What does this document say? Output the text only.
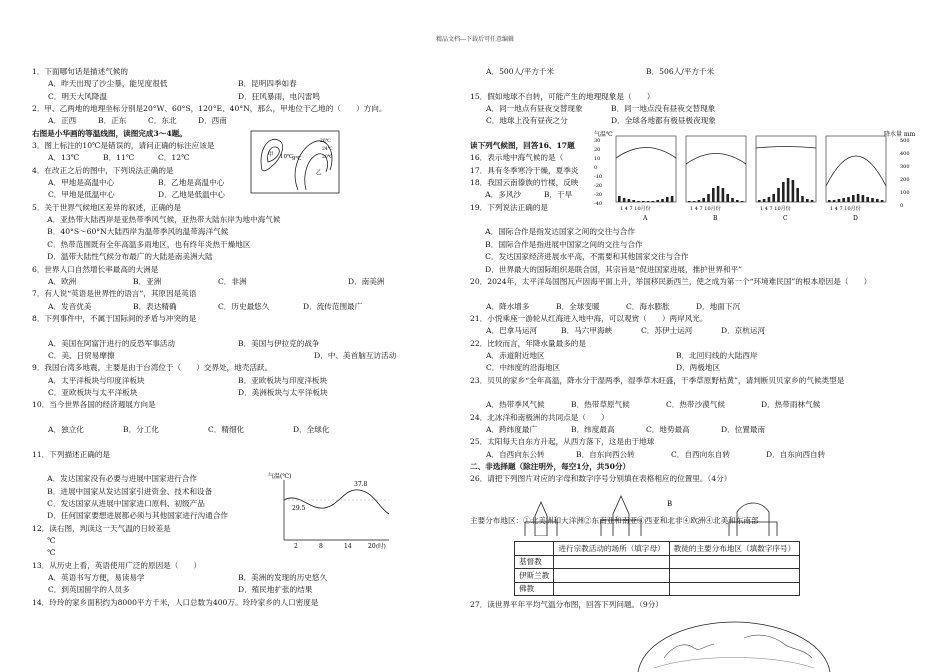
精品文档---下载后可任意编辑
1．下面哪句话是描述气候的
A．昨天出现了沙尘暴，能见度很低	B．昆明四季如春
C．明天大风降温	D．狂风暴雨，电闪雷鸣
2．甲、乙两地的地理坐标分别是20°W、60°S，120°E、40°N，那么，甲地位于乙地的（　　）方向。
A．正西	B．正东	C．东北	D．西南
右图是小华画的等温线图，读图完成3～4题。
3．图上标注的10℃是错误的，请问正确的标注应该是
A．13℃	B．11℃	C．12℃
4．在改正之后的图中，下列说法正确的是
A．甲地是高温中心	B．乙地是高温中心
C．甲地是低温中心	D．乙地是低温中心
5．关于世界气候地区差异的叙述，正确的是
　　A．亚热带大陆西岸是亚热带季风气候，亚热带大陆东岸为地中海气候
　　B．40°S～60°N大陆西岸为温带季风的温带海洋气候
　　C．热带范围既有全年高温多雨地区，也有终年炎热干燥地区
　　D．温带大陆性气候分布最广的大陆是南美洲大陆
6．世界人口自然增长率最高的大洲是
A．欧洲	B．亚洲	C．非洲	D．南美洲
7．有人说“英语是世界性的语言”，其原因是英语
A．发音优美	B．表达精确	C．历史最悠久	D．流传范围最广
8．下列事件中，不属于国际间的矛盾与冲突的是
A．美国在阿富汗进行的反恐军事活动	B．美国与伊拉克的战争
C．美、日贸易摩擦	D．中、美首脑互访活动
9．我国台湾多地震，主要是由于台湾位于（　　）交界处，地壳活跃。
A．太平洋板块与印度洋板块	B．亚欧板块与印度洋板块
C．亚欧板块与太平洋板块	D．美洲板块与太平洋板块
10．当今世界各国的经济週展方向是
A．独立化	B．分工化	C．精细化	D．全球化
11．下列描述正确的是
　　A．发达国家没有必要与进展中国家进行合作
　　B．进展中国家从发达国家引进资金、技术和设备
　　C．发达国家从进展中国家进口原料、初级产品
　　D．任何国家要想进展都必须与其他国家进行沟通合作
12．读右图，判读这一天气温的日较差是
　　℃
　　℃
13．从历史上看，英语使用广泛的原因是（　　）
A．英语书写方便，易读易学	B．美洲的发现的历史悠久
C．到英国留学的人员多	D．殖民地扩张的结果
14．玲玲的家乡面积约为8000平方千米，人口总数为400万。玲玲家乡的人口密度是
A．500人/平方千米	B．506人/平方千米
15．假如地球不自转，可能产生的地理现象是（　　）
A．同一地点有昼夜交替现象	B．同一地点没有昼夜交替现象
C．地球上没有昼夜之分	D．全球各地都有极昼极夜现象
读下列气候图，回答16、17题
16．表示地中海气候的是（
17．具有冬季寒冷干燥，夏季炎
18．我国云南傣族的竹楼，反映
　　A．多风沙　　　B．干旱
19．下列说法正确的是
　　A．国际合作是指发达国家之间的交往与合作
　　B．国际合作是指进展中国家之间的交往与合作
　　C．发达国家经济进展水平高，不需要和其他国家交往与合作
　　D．世界最大的国际组织是联合国，其宗旨是“促进国家进展，推护世界和平”
20．2024年，太平洋岛国图瓦卢因海平面上升，举国移民新西兰，使之成为第一个“环境难民国”的根本原因是（　　）
A．降水增多	B．全球变暖	C．海水膨胀	D．地面下沉
21．小悦乘座一游轮从红海进入地中海，可以观赏（　　）两岸风光。
A．巴拿马运河	B．马六甲海峡	C．苏伊士运河	D．京杭运河
22．比较而言，年降水量最多的是
A．赤道附近地区	B．北回归线的大陆西岸
C．中纬度的沿海地区	D．两极地区
23．贝贝的家乡“全年高温，降水分干湿两季，湿季草木旺盛，干季草原野枯黄”，请判断贝贝家乡的气候类型是
A．热带季风气候	B．热带草原气候	C．热带沙漠气候	D．热带雨林气候
24．北冰洋和南极洲的共同点是（　　）
A．跨纬度最广	B．纬度最高	C．地势最高	D．位置最南
25．太阳每天自东方升起，从西方落下，这是由于地球
A．自西向东公转	B．自东向西公转	C．自西向东自转	D．自东向西自转
二、非选择题（除注明外，每空1分，共50分）
26．请把下列图片对应的字母和数字序号分别填在表格相应的位置里。（4分）
甲 10℃
9℃
乙
26℃
24℃
20℃
气温(℃)
29.5
37.8
2	8	14	20 (时)
气温℃	降水量 mm
30
20
10
0
-10
-20
-30
-40
500
400
300
200
100
0
1 4 7 10月份
A
1 4 7 10月份
B
1 4 7 10月份
C
1 4 7 10月份
D
B
主要分布地区：①北美洲和大洋洲②东南亚和南亚③西亚和北非④欧洲④北美和东南部
	进行宗教活动的场所（填字母）	教徒的主要分布地区（填数字序号）
基督教		
伊斯兰教		
佛教		
27．读世界平年平均气温分布图，回答下列问题。（9分）
